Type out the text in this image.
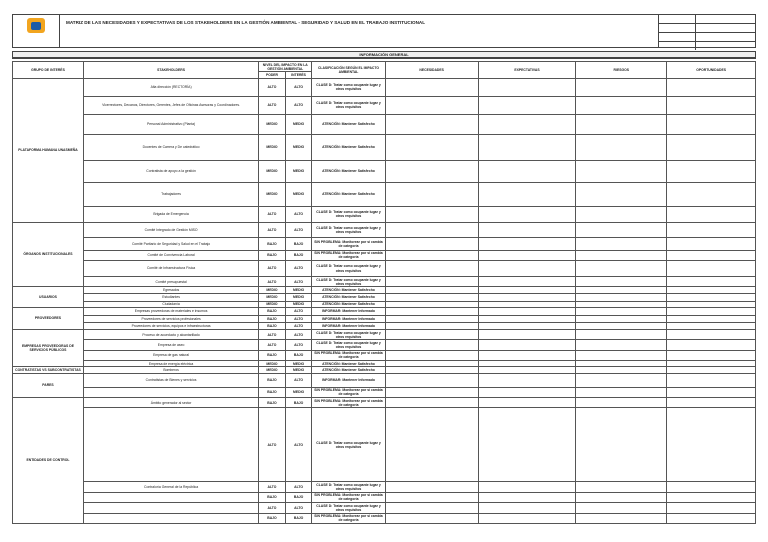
MATRIZ DE LAS NECESIDADES Y EXPECTATIVAS DE LOS STAKEHOLDERS EN LA GESTIÓN AMBIENTAL - SEGURIDAD Y SALUD EN EL TRABAJO INSTITUCIONAL
INFORMACIÓN GENERAL
GRUPO DE INTERÉS	STAKEHOLDERS	NIVEL DEL IMPACTO EN LA GESTIÓN AMBIENTAL		CLASIFICACIÓN SEGÚN EL IMPACTO AMBIENTAL	NECESIDADES	EXPECTATIVAS	RIESGOS	OPORTUNIDADES
		PODER	INTERÉS					
PLATAFORMA HUMANA UNASMEÑA	Alta dirección (RECTORÍA)	ALTO	ALTO	CLASE D: Tratar como ocupante lugar y otros requisitos				
	Vicerrectores, Decanos, Directores, Gerentes, Jefes de Oficinas Asesoras y Coordinadores.	ALTO	ALTO	CLASE D: Tratar como ocupante lugar y otros requisitos				
	Personal Administrativo (Planta)	MEDIO	MEDIO	ATENCIÓN: Mantener Satisfecho				
	Docentes de Carrera y De catedrático	MEDIO	MEDIO	ATENCIÓN: Mantener Satisfecho				
	Contratista de apoyo a la gestión	MEDIO	MEDIO	ATENCIÓN: Mantener Satisfecho				
	Trabajadores	MEDIO	MEDIO	ATENCIÓN: Mantener Satisfecho				
	Brigada de Emergencia	ALTO	ALTO	CLASE D: Tratar como ocupante lugar y otros requisitos				
ÓRGANOS INSTITUCIONALES	Comité Integrado de Gestión MISO	ALTO	ALTO	CLASE D: Tratar como ocupante lugar y otros requisitos				
	Comité Paritario de Seguridad y Salud en el Trabajo	BAJO	BAJO	SIN PROBLEMA: Monitorear por si cambia de categoría				
	Comité de Convivencia Laboral	BAJO	BAJO	SIN PROBLEMA: Monitorear por si cambia de categoría				
	Comité de Infraestructura Física	ALTO	ALTO	CLASE D: Tratar como ocupante lugar y otros requisitos				
	Comité presupuestal	ALTO	ALTO	CLASE D: Tratar como ocupante lugar y otros requisitos				
USUARIOS	Egresados	MEDIO	MEDIO	ATENCIÓN: Mantener Satisfecho				
	Estudiantes	MEDIO	MEDIO	ATENCIÓN: Mantener Satisfecho				
	Ciudadanía	MEDIO	MEDIO	ATENCIÓN: Mantener Satisfecho				
PROVEEDORES	Empresas proveedoras de materiales e insumos	BAJO	ALTO	INFORMAR: Mantener Informado				
	Proveedores de servicios profesionales	BAJO	ALTO	INFORMAR: Mantener Informado				
	Proveedores de servicios, equipos e infraestructuras	BAJO	ALTO	INFORMAR: Mantener Informado				
EMPRESAS PROVEEDORAS DE SERVICIOS PÚBLICOS	Proceso de acueducto y alcantarillado	ALTO	ALTO	CLASE D: Tratar como ocupante lugar y otros requisitos				
	Empresa de aseo	ALTO	ALTO	CLASE D: Tratar como ocupante lugar y otros requisitos				
	Empresa de gas natural	BAJO	BAJO	SIN PROBLEMA: Monitorear por si cambia de categoría				
	Empresa de energía eléctrica	MEDIO	MEDIO	ATENCIÓN: Mantener Satisfecho				
CONTRATISTAS VS SUBCONTRATISTAS	Bomberos	MEDIO	MEDIO	ATENCIÓN: Mantener Satisfecho				
PARES	Contratistas de Bienes y servicios	BAJO	ALTO	INFORMAR: Mantener Informado				
		BAJO	MEDIO	SIN PROBLEMA: Monitorear por si cambia de categoría				
ENTIDADES DE CONTROL	Ámbito generador al sector	BAJO	BAJO	SIN PROBLEMA: Monitorear por si cambia de categoría				
		ALTO	ALTO	CLASE D: Tratar como ocupante lugar y otros requisitos				
	Contraloría General de la República	ALTO	ALTO	CLASE D: Tratar como ocupante lugar y otros requisitos				
		BAJO	BAJO	SIN PROBLEMA: Monitorear por si cambia de categoría				
		ALTO	ALTO	CLASE D: Tratar como ocupante lugar y otros requisitos				
		BAJO	BAJO	SIN PROBLEMA: Monitorear por si cambia de categoría				
